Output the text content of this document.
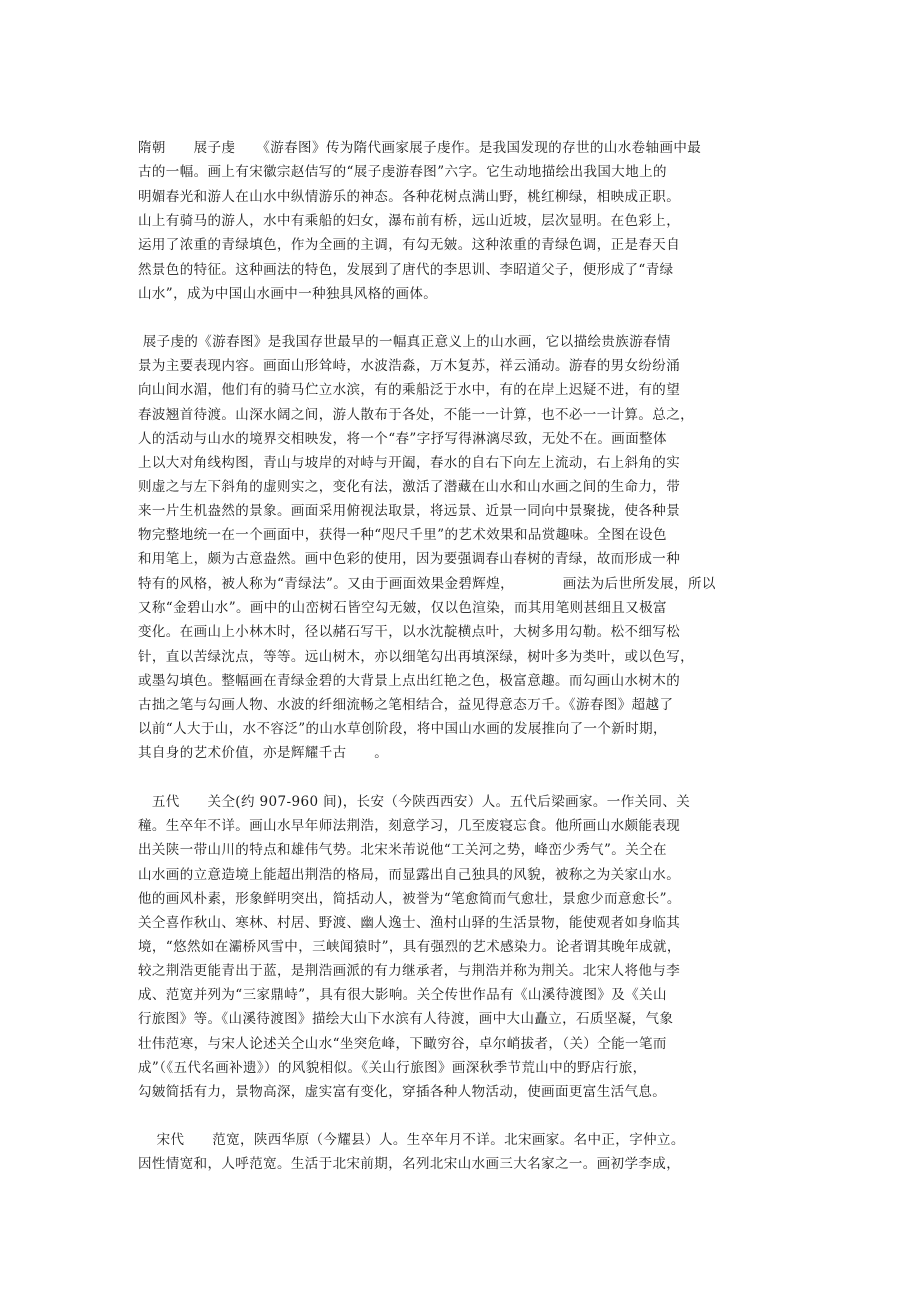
隋朝　　展子虔　　《游春图》传为隋代画家展子虔作。是我国发现的存世的山水卷轴画中最
古的一幅。画上有宋徽宗赵佶写的“展子虔游春图”六字。它生动地描绘出我国大地上的
明媚春光和游人在山水中纵情游乐的神态。各种花树点满山野，桃红柳绿，相映成正职。
山上有骑马的游人，水中有乘船的妇女，瀑布前有桥，远山近坡，层次显明。在色彩上，
运用了浓重的青绿填色，作为全画的主调，有勾无皴。这种浓重的青绿色调，正是春天自
然景色的特征。这种画法的特色，发展到了唐代的李思训、李昭道父子，便形成了“青绿
山水”，成为中国山水画中一种独具风格的画体。
展子虔的《游春图》是我国存世最早的一幅真正意义上的山水画，它以描绘贵族游春情
景为主要表现内容。画面山形耸峙，水波浩淼，万木复苏，祥云涌动。游春的男女纷纷涌
向山间水湄，他们有的骑马伫立水滨，有的乘船泛于水中，有的在岸上迟疑不进，有的望
春波翘首待渡。山深水阔之间，游人散布于各处，不能一一计算，也不必一一计算。总之，
人的活动与山水的境界交相映发，将一个“春”字抒写得淋漓尽致，无处不在。画面整体
上以大对角线构图，青山与坡岸的对峙与开阖，春水的自右下向左上流动，右上斜角的实
则虚之与左下斜角的虚则实之，变化有法，激活了潜藏在山水和山水画之间的生命力，带
来一片生机盎然的景象。画面采用俯视法取景，将远景、近景一同向中景聚拢，使各种景
物完整地统一在一个画面中，获得一种“咫尺千里”的艺术效果和品赏趣味。全图在设色
和用笔上，颇为古意盎然。画中色彩的使用，因为要强调春山春树的青绿，故而形成一种
特有的风格，被人称为“青绿法”。又由于画面效果金碧辉煌，　　　　画法为后世所发展，所以
又称“金碧山水”。画中的山峦树石皆空勾无皴，仅以色渲染，而其用笔则甚细且又极富
变化。在画山上小林木时，径以赭石写干，以水沈靛横点叶，大树多用勾勒。松不细写松
针，直以苦绿沈点，等等。远山树木，亦以细笔勾出再填深绿，树叶多为类叶，或以色写，
或墨勾填色。整幅画在青绿金碧的大背景上点出红艳之色，极富意趣。而勾画山水树木的
古拙之笔与勾画人物、水波的纤细流畅之笔相结合，益见得意态万千。《游春图》超越了
以前“人大于山，水不容泛”的山水草创阶段，将中国山水画的发展推向了一个新时期，
其自身的艺术价值，亦是辉耀千古　　。
　五代　　关仝(约 907-960 间)，长安（今陕西西安）人。五代后梁画家。一作关同、关
穜。生卒年不详。画山水早年师法荆浩，刻意学习，几至废寝忘食。他所画山水颇能表现
出关陕一带山川的特点和雄伟气势。北宋米芾说他“工关河之势，峰峦少秀气”。关仝在
山水画的立意造境上能超出荆浩的格局，而显露出自己独具的风貌，被称之为关家山水。
他的画风朴素，形象鲜明突出，简括动人，被誉为“笔愈简而气愈壮，景愈少而意愈长”。
关仝喜作秋山、寒林、村居、野渡、幽人逸士、渔村山驿的生活景物，能使观者如身临其
境，“悠然如在灞桥风雪中，三峡闻猿时”，具有强烈的艺术感染力。论者谓其晚年成就，
较之荆浩更能青出于蓝，是荆浩画派的有力继承者，与荆浩并称为荆关。北宋人将他与李
成、范宽并列为“三家鼎峙”，具有很大影响。关仝传世作品有《山溪待渡图》及《关山
行旅图》等。《山溪待渡图》描绘大山下水滨有人待渡，画中大山矗立，石质坚凝，气象
壮伟范寒，与宋人论述关仝山水“坐突危峰，下瞰穷谷，卓尔峭拔者，（关）仝能一笔而
成”（《五代名画补遗》）的风貌相似。《关山行旅图》画深秋季节荒山中的野店行旅，
勾皴简括有力，景物高深，虚实富有变化，穿插各种人物活动，使画面更富生活气息。
　 宋代　　范宽，陕西华原（今耀县）人。生卒年月不详。北宋画家。名中正，字仲立。
因性情宽和，人呼范宽。生活于北宋前期，名列北宋山水画三大名家之一。画初学李成，
